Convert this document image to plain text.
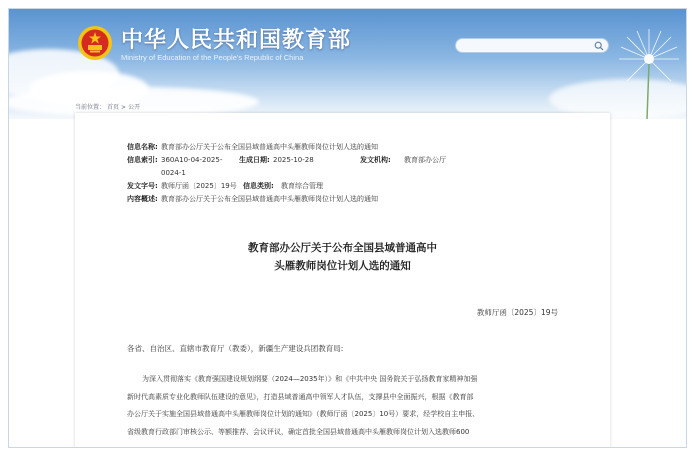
中华人民共和国教育部
Ministry of Education of the People's Republic of China
当前位置： 首页 > 公开
信息名称: 教育部办公厅关于公布全国县域普通高中头雁教师岗位计划人选的通知
信息索引: 360A10-04-2025-	生成日期: 2025-10-28	发文机构:	教育部办公厅
0024-1
发文字号: 教师厅函〔2025〕19号 信息类别:	教育综合管理
内容概述: 教育部办公厅关于公布全国县域普通高中头雁教师岗位计划人选的通知
教育部办公厅关于公布全国县域普通高中
头雁教师岗位计划人选的通知
教师厅函〔2025〕19号
各省、自治区、直辖市教育厅（教委），新疆生产建设兵团教育局:
为深入贯彻落实《教育强国建设规划纲要（2024—2035年）》和《中共中央 国务院关于弘扬教育家精神加强
新时代高素质专业化教师队伍建设的意见》，打造县域普通高中领军人才队伍，支撑县中全面振兴，根据《教育部
办公厅关于实施全国县域普通高中头雁教师岗位计划的通知》（教师厅函〔2025〕10号）要求，经学校自主申报、
省级教育行政部门审核公示、等额推荐、会议评议，确定首批全国县域普通高中头雁教师岗位计划入选教师600
